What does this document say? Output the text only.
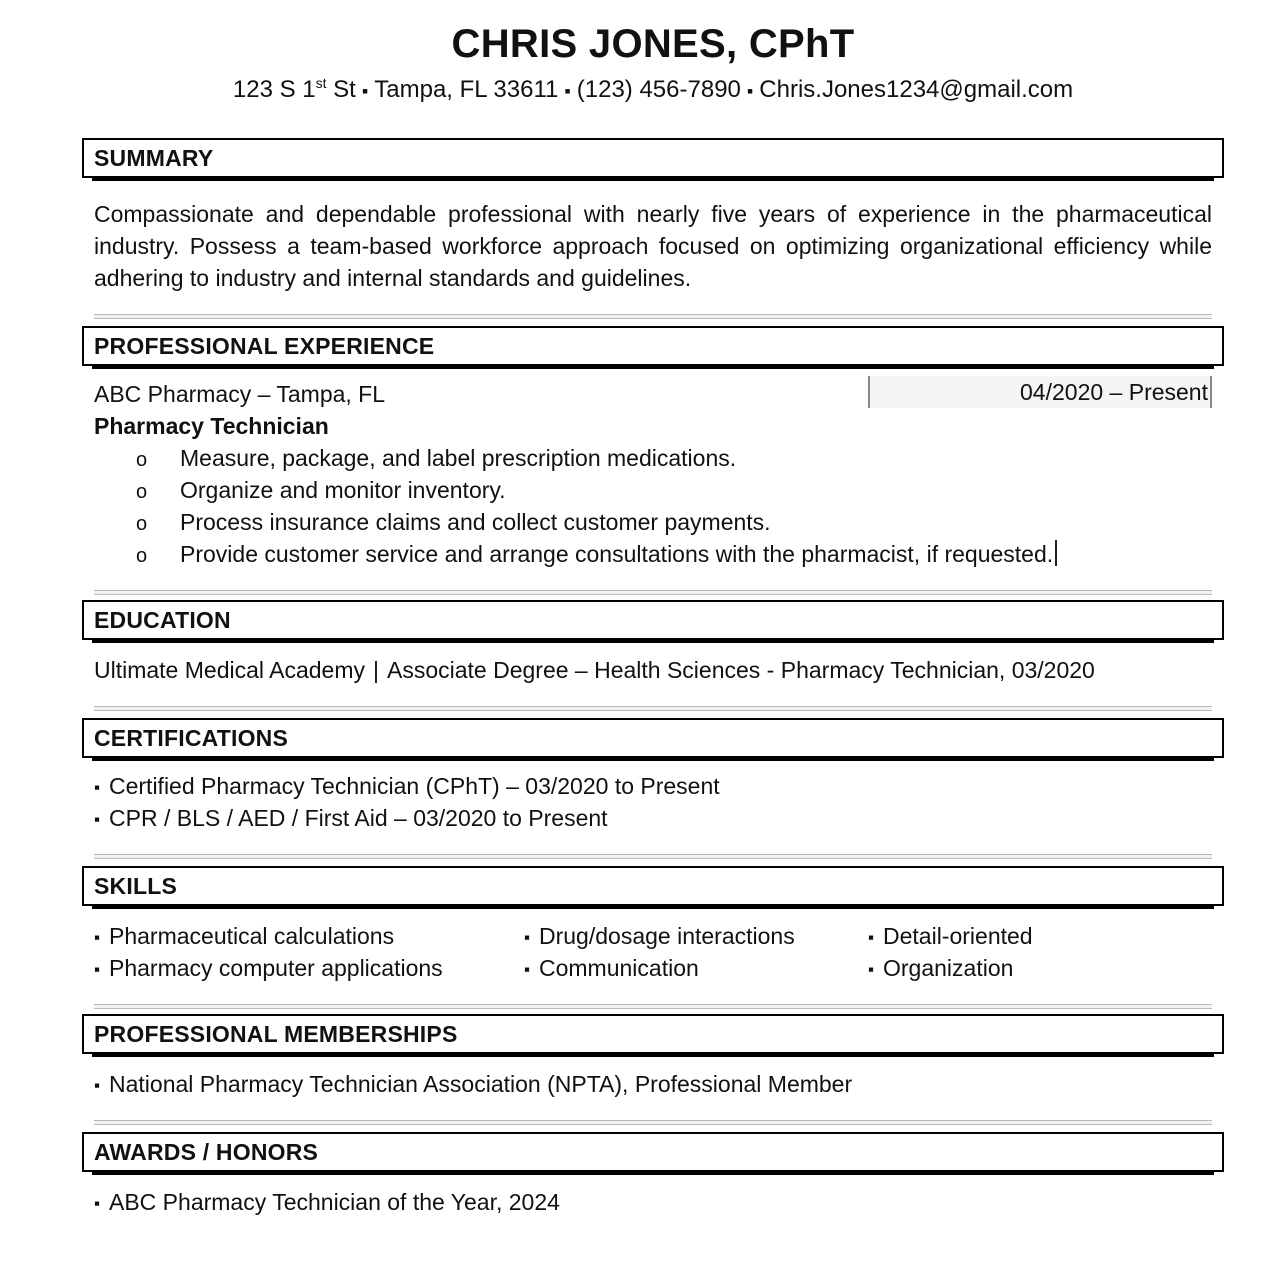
CHRIS JONES, CPhT
123 S 1st St ▪ Tampa, FL 33611 ▪ (123) 456-7890 ▪ Chris.Jones1234@gmail.com
SUMMARY
Compassionate and dependable professional with nearly five years of experience in the pharmaceutical industry. Possess a team-based workforce approach focused on optimizing organizational efficiency while adhering to industry and internal standards and guidelines.
PROFESSIONAL EXPERIENCE
ABC Pharmacy – Tampa, FL	04/2020 – Present
Pharmacy Technician
o Measure, package, and label prescription medications.
o Organize and monitor inventory.
o Process insurance claims and collect customer payments.
o Provide customer service and arrange consultations with the pharmacist, if requested.
EDUCATION
Ultimate Medical Academy | Associate Degree – Health Sciences - Pharmacy Technician, 03/2020
CERTIFICATIONS
▪ Certified Pharmacy Technician (CPhT) – 03/2020 to Present
▪ CPR / BLS / AED / First Aid – 03/2020 to Present
SKILLS
▪ Pharmaceutical calculations
▪ Pharmacy computer applications
▪ Drug/dosage interactions
▪ Communication
▪ Detail-oriented
▪ Organization
PROFESSIONAL MEMBERSHIPS
▪ National Pharmacy Technician Association (NPTA), Professional Member
AWARDS / HONORS
▪ ABC Pharmacy Technician of the Year, 2024
